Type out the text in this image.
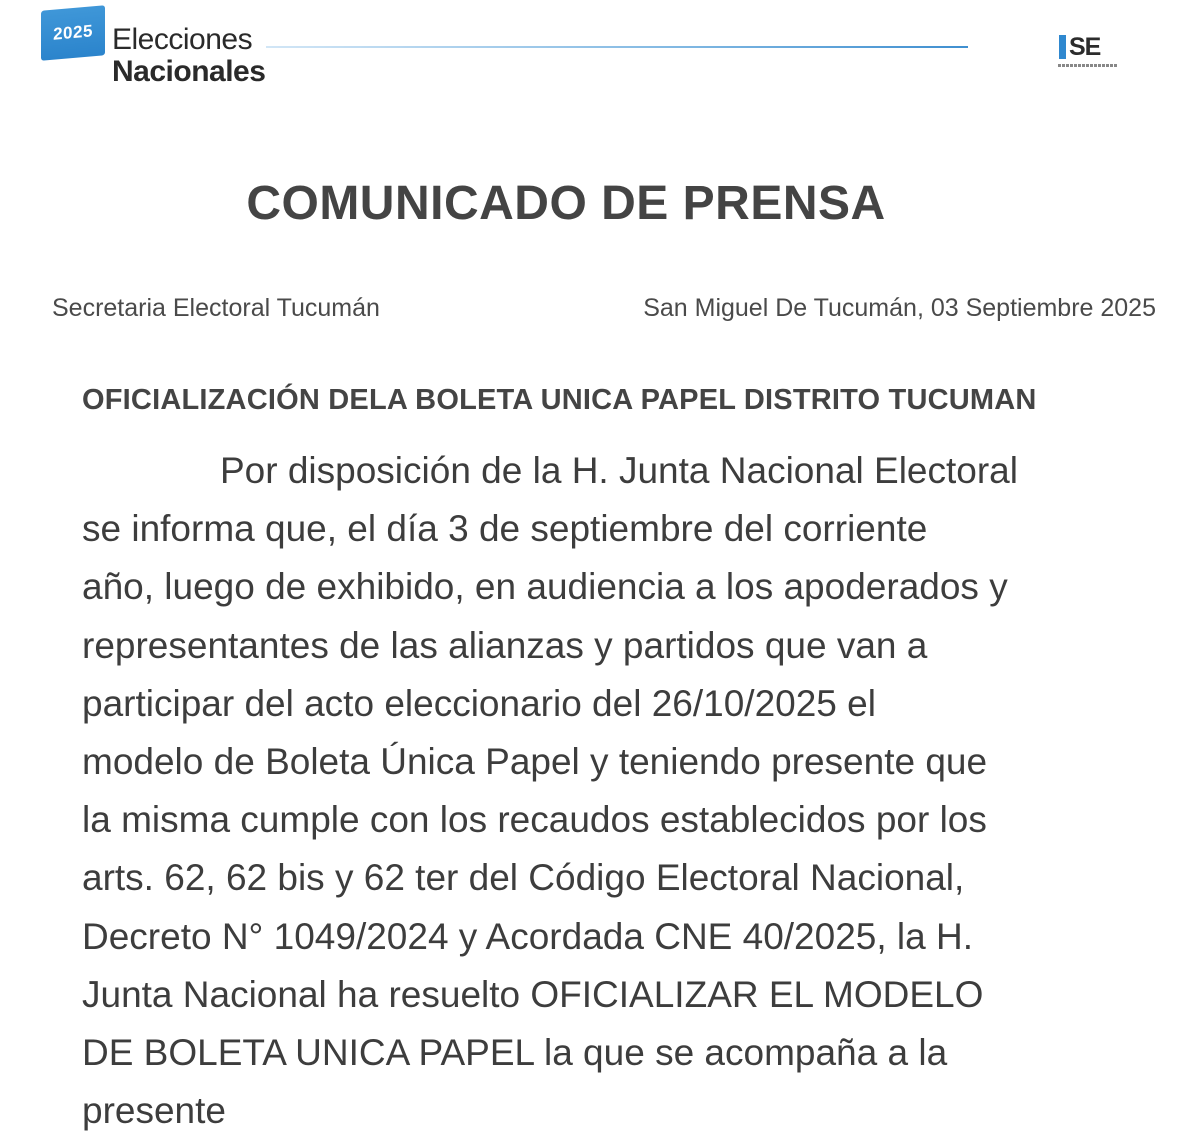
2025 Elecciones
Nacionales
SE
COMUNICADO DE PRENSA
Secretaria Electoral Tucumán	San Miguel De Tucumán, 03 Septiembre 2025
OFICIALIZACIÓN DELA BOLETA UNICA PAPEL DISTRITO TUCUMAN
Por disposición de la H. Junta Nacional Electoral
se informa que, el día 3 de septiembre del corriente
año, luego de exhibido, en audiencia a los apoderados y
representantes de las alianzas y partidos que van a
participar del acto eleccionario del 26/10/2025 el
modelo de Boleta Única Papel y teniendo presente que
la misma cumple con los recaudos establecidos por los
arts. 62, 62 bis y 62 ter del Código Electoral Nacional,
Decreto N° 1049/2024 y Acordada CNE 40/2025, la H.
Junta Nacional ha resuelto OFICIALIZAR EL MODELO
DE BOLETA UNICA PAPEL la que se acompaña a la
presente
